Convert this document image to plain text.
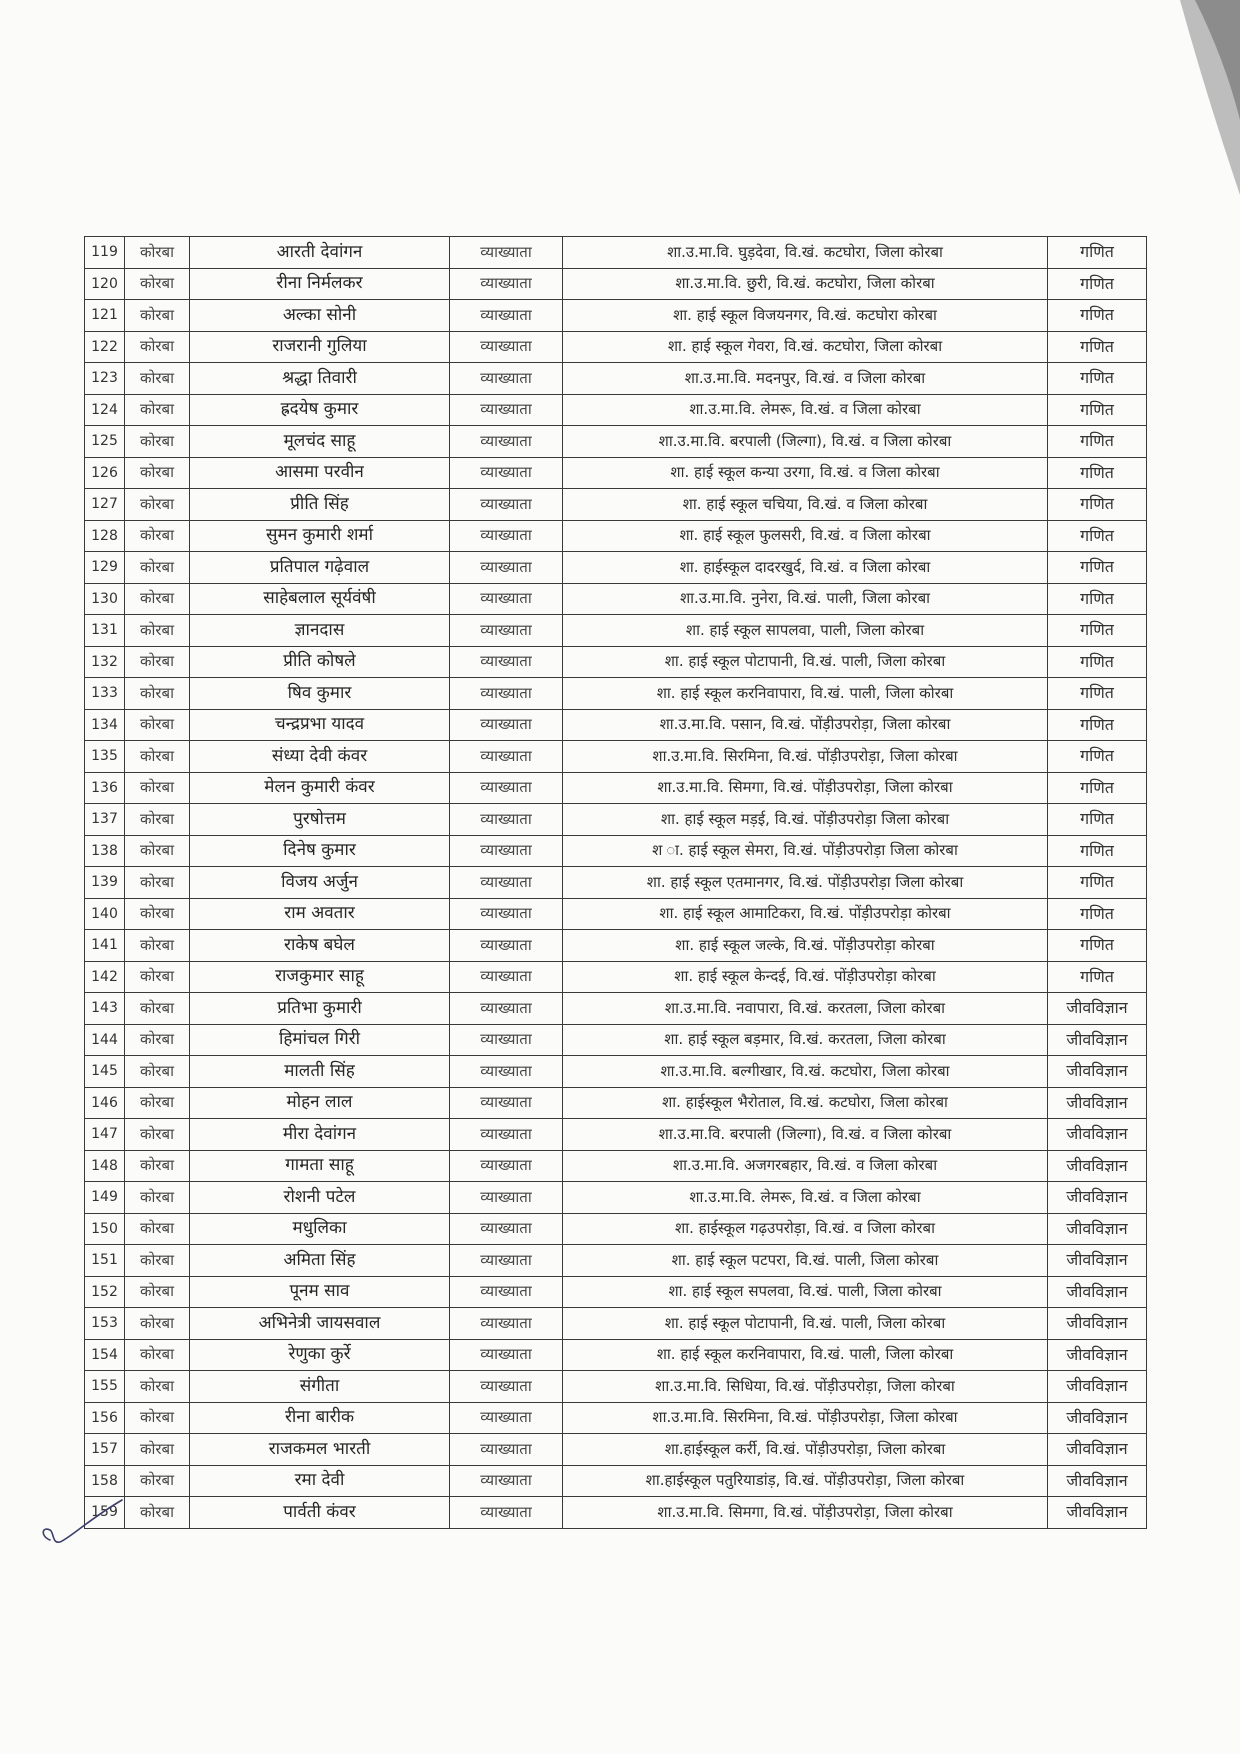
119	कोरबा	आरती देवांगन	व्याख्याता	शा.उ.मा.वि. घुड़देवा, वि.खं. कटघोरा, जिला कोरबा	गणित
120	कोरबा	रीना निर्मलकर	व्याख्याता	शा.उ.मा.वि. छुरी, वि.खं. कटघोरा, जिला कोरबा	गणित
121	कोरबा	अल्का सोनी	व्याख्याता	शा. हाई स्कूल विजयनगर, वि.खं. कटघोरा कोरबा	गणित
122	कोरबा	राजरानी गुलिया	व्याख्याता	शा. हाई स्कूल गेवरा, वि.खं. कटघोरा, जिला कोरबा	गणित
123	कोरबा	श्रद्धा तिवारी	व्याख्याता	शा.उ.मा.वि. मदनपुर, वि.खं. व जिला कोरबा	गणित
124	कोरबा	ह्रदयेष कुमार	व्याख्याता	शा.उ.मा.वि. लेमरू, वि.खं. व जिला कोरबा	गणित
125	कोरबा	मूलचंद साहू	व्याख्याता	शा.उ.मा.वि. बरपाली (जिल्गा), वि.खं. व जिला कोरबा	गणित
126	कोरबा	आसमा परवीन	व्याख्याता	शा. हाई स्कूल कन्या उरगा, वि.खं. व जिला कोरबा	गणित
127	कोरबा	प्रीति सिंह	व्याख्याता	शा. हाई स्कूल चचिया, वि.खं. व जिला कोरबा	गणित
128	कोरबा	सुमन कुमारी शर्मा	व्याख्याता	शा. हाई स्कूल फुलसरी, वि.खं. व जिला कोरबा	गणित
129	कोरबा	प्रतिपाल गढ़ेवाल	व्याख्याता	शा. हाईस्कूल दादरखुर्द, वि.खं. व जिला कोरबा	गणित
130	कोरबा	साहेबलाल सूर्यवंषी	व्याख्याता	शा.उ.मा.वि. नुनेरा, वि.खं. पाली, जिला कोरबा	गणित
131	कोरबा	ज्ञानदास	व्याख्याता	शा. हाई स्कूल सापलवा, पाली, जिला कोरबा	गणित
132	कोरबा	प्रीति कोषले	व्याख्याता	शा. हाई स्कूल पोटापानी, वि.खं. पाली, जिला कोरबा	गणित
133	कोरबा	षिव कुमार	व्याख्याता	शा. हाई स्कूल करनिवापारा, वि.खं. पाली, जिला कोरबा	गणित
134	कोरबा	चन्द्रप्रभा यादव	व्याख्याता	शा.उ.मा.वि. पसान, वि.खं. पोंड़ीउपरोड़ा, जिला कोरबा	गणित
135	कोरबा	संध्या देवी कंवर	व्याख्याता	शा.उ.मा.वि. सिरमिना, वि.खं. पोंड़ीउपरोड़ा, जिला कोरबा	गणित
136	कोरबा	मेलन कुमारी कंवर	व्याख्याता	शा.उ.मा.वि. सिमगा, वि.खं. पोंड़ीउपरोड़ा, जिला कोरबा	गणित
137	कोरबा	पुरषोत्तम	व्याख्याता	शा. हाई स्कूल मड़ई, वि.खं. पोंड़ीउपरोड़ा जिला कोरबा	गणित
138	कोरबा	दिनेष कुमार	व्याख्याता	श ा. हाई स्कूल सेमरा, वि.खं. पोंड़ीउपरोड़ा जिला कोरबा	गणित
139	कोरबा	विजय अर्जुन	व्याख्याता	शा. हाई स्कूल एतमानगर, वि.खं. पोंड़ीउपरोड़ा जिला कोरबा	गणित
140	कोरबा	राम अवतार	व्याख्याता	शा. हाई स्कूल आमाटिकरा, वि.खं. पोंड़ीउपरोड़ा कोरबा	गणित
141	कोरबा	राकेष बघेल	व्याख्याता	शा. हाई स्कूल जल्के, वि.खं. पोंड़ीउपरोड़ा कोरबा	गणित
142	कोरबा	राजकुमार साहू	व्याख्याता	शा. हाई स्कूल केन्दई, वि.खं. पोंड़ीउपरोड़ा कोरबा	गणित
143	कोरबा	प्रतिभा कुमारी	व्याख्याता	शा.उ.मा.वि. नवापारा, वि.खं. करतला, जिला कोरबा	जीवविज्ञान
144	कोरबा	हिमांचल गिरी	व्याख्याता	शा. हाई स्कूल बड़मार, वि.खं. करतला, जिला कोरबा	जीवविज्ञान
145	कोरबा	मालती सिंह	व्याख्याता	शा.उ.मा.वि. बल्गीखार, वि.खं. कटघोरा, जिला कोरबा	जीवविज्ञान
146	कोरबा	मोहन लाल	व्याख्याता	शा. हाईस्कूल भैरोताल, वि.खं. कटघोरा, जिला कोरबा	जीवविज्ञान
147	कोरबा	मीरा देवांगन	व्याख्याता	शा.उ.मा.वि. बरपाली (जिल्गा), वि.खं. व जिला कोरबा	जीवविज्ञान
148	कोरबा	गामता साहू	व्याख्याता	शा.उ.मा.वि. अजगरबहार, वि.खं. व जिला कोरबा	जीवविज्ञान
149	कोरबा	रोशनी पटेल	व्याख्याता	शा.उ.मा.वि. लेमरू, वि.खं. व जिला कोरबा	जीवविज्ञान
150	कोरबा	मधुलिका	व्याख्याता	शा. हाईस्कूल गढ़उपरोड़ा, वि.खं. व जिला कोरबा	जीवविज्ञान
151	कोरबा	अमिता सिंह	व्याख्याता	शा. हाई स्कूल पटपरा, वि.खं. पाली, जिला कोरबा	जीवविज्ञान
152	कोरबा	पूनम साव	व्याख्याता	शा. हाई स्कूल सपलवा, वि.खं. पाली, जिला कोरबा	जीवविज्ञान
153	कोरबा	अभिनेत्री जायसवाल	व्याख्याता	शा. हाई स्कूल पोटापानी, वि.खं. पाली, जिला कोरबा	जीवविज्ञान
154	कोरबा	रेणुका कुर्रे	व्याख्याता	शा. हाई स्कूल करनिवापारा, वि.खं. पाली, जिला कोरबा	जीवविज्ञान
155	कोरबा	संगीता	व्याख्याता	शा.उ.मा.वि. सिधिया, वि.खं. पोंड़ीउपरोड़ा, जिला कोरबा	जीवविज्ञान
156	कोरबा	रीना बारीक	व्याख्याता	शा.उ.मा.वि. सिरमिना, वि.खं. पोंड़ीउपरोड़ा, जिला कोरबा	जीवविज्ञान
157	कोरबा	राजकमल भारती	व्याख्याता	शा.हाईस्कूल कर्री, वि.खं. पोंड़ीउपरोड़ा, जिला कोरबा	जीवविज्ञान
158	कोरबा	रमा देवी	व्याख्याता	शा.हाईस्कूल पतुरियाडांड़, वि.खं. पोंड़ीउपरोड़ा, जिला कोरबा	जीवविज्ञान
159	कोरबा	पार्वती कंवर	व्याख्याता	शा.उ.मा.वि. सिमगा, वि.खं. पोंड़ीउपरोड़ा, जिला कोरबा	जीवविज्ञान
